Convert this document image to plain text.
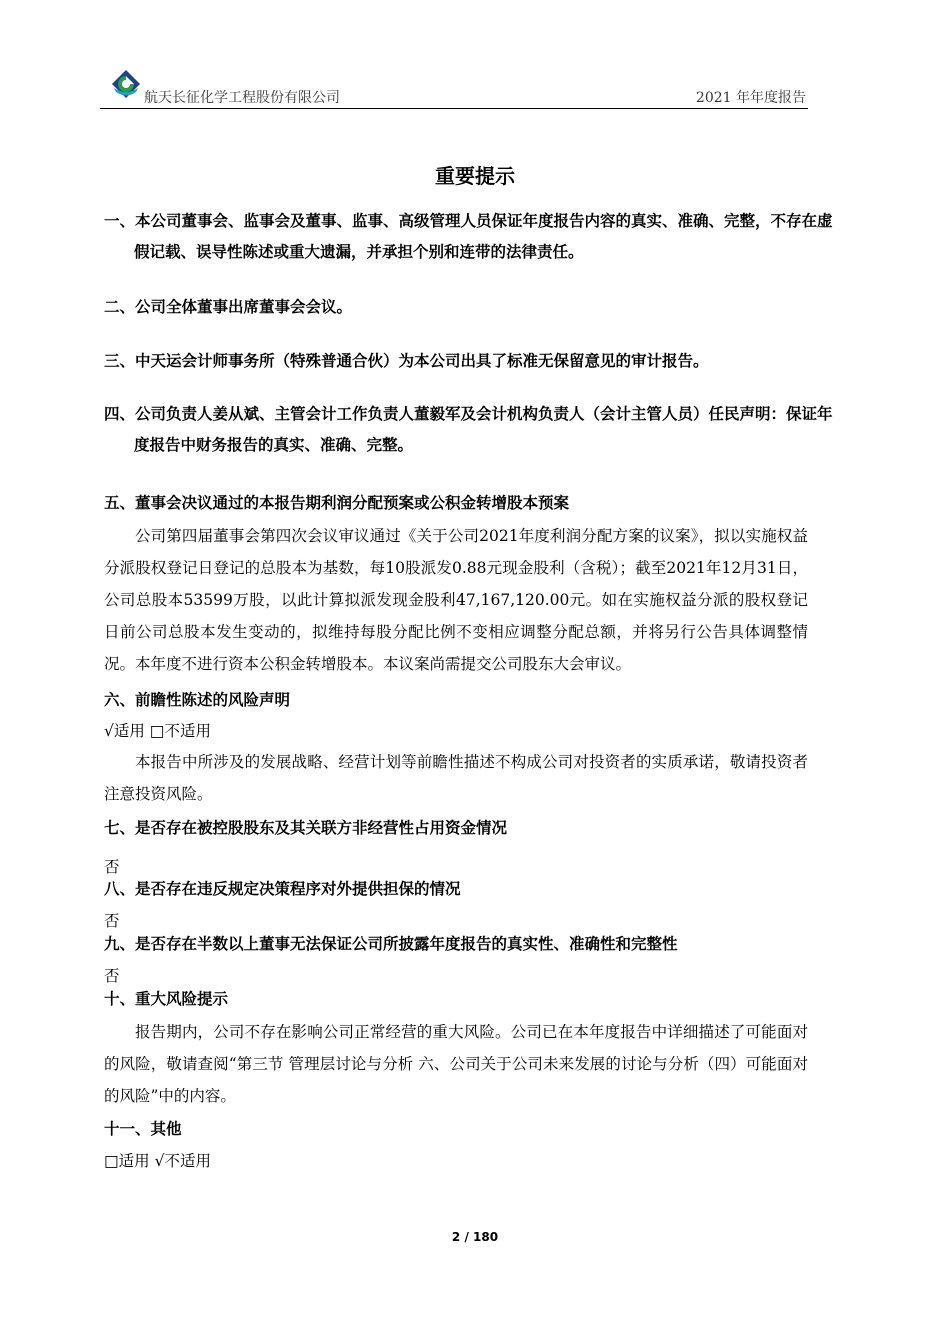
航天长征化学工程股份有限公司	2021 年年度报告
重要提示
一、本公司董事会、监事会及董事、监事、高级管理人员保证年度报告内容的真实、准确、完整，不存在虚假记载、误导性陈述或重大遗漏，并承担个别和连带的法律责任。
二、公司全体董事出席董事会会议。
三、中天运会计师事务所（特殊普通合伙）为本公司出具了标准无保留意见的审计报告。
四、公司负责人姜从斌、主管会计工作负责人董毅军及会计机构负责人（会计主管人员）任民声明：保证年度报告中财务报告的真实、准确、完整。
五、董事会决议通过的本报告期利润分配预案或公积金转增股本预案
公司第四届董事会第四次会议审议通过《关于公司2021年度利润分配方案的议案》，拟以实施权益分派股权登记日登记的总股本为基数，每10股派发0.88元现金股利（含税）；截至2021年12月31日，公司总股本53599万股，以此计算拟派发现金股利47,167,120.00元。如在实施权益分派的股权登记日前公司总股本发生变动的，拟维持每股分配比例不变相应调整分配总额，并将另行公告具体调整情况。本年度不进行资本公积金转增股本。本议案尚需提交公司股东大会审议。
六、前瞻性陈述的风险声明
√适用 □不适用
本报告中所涉及的发展战略、经营计划等前瞻性描述不构成公司对投资者的实质承诺，敬请投资者注意投资风险。
七、是否存在被控股股东及其关联方非经营性占用资金情况
否
八、是否存在违反规定决策程序对外提供担保的情况
否
九、是否存在半数以上董事无法保证公司所披露年度报告的真实性、准确性和完整性
否
十、重大风险提示
报告期内，公司不存在影响公司正常经营的重大风险。公司已在本年度报告中详细描述了可能面对的风险，敬请查阅“第三节 管理层讨论与分析 六、公司关于公司未来发展的讨论与分析（四）可能面对的风险”中的内容。
十一、其他
□适用 √不适用
2 / 180
